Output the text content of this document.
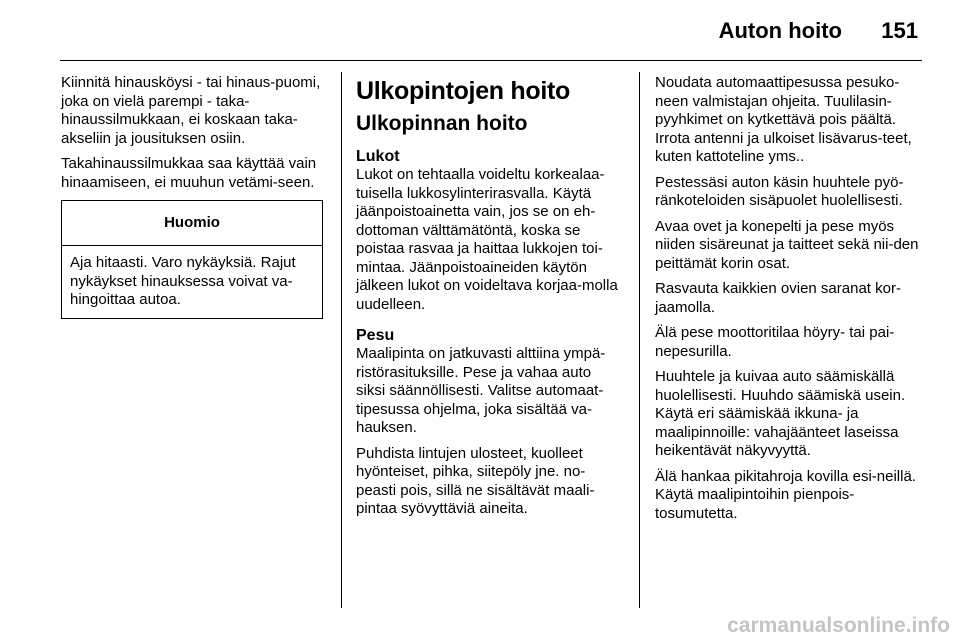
Auton hoito 151

Kiinnitä hinausköysi - tai hinaus-puomi, joka on vielä parempi - taka-hinaussilmukkaan, ei koskaan taka-akseliin ja jousituksen osiin.

Takahinaussilmukkaa saa käyttää vain hinaamiseen, ei muuhun vetämi-seen.

Huomio
Aja hitaasti. Varo nykäyksiä. Rajut nykäykset hinauksessa voivat va-hingoittaa autoa.
Ulkopintojen hoito
Ulkopinnan hoito
Lukot

Lukot on tehtaalla voideltu korkealaa-tuisella lukkosylinterirasvalla. Käytä jäänpoistoainetta vain, jos se on eh-dottoman välttämätöntä, koska se poistaa rasvaa ja haittaa lukkojen toi-mintaa. Jäänpoistoaineiden käytön jälkeen lukot on voideltava korjaa-molla uudelleen.

Pesu

Maalipinta on jatkuvasti alttiina ympä-ristörasituksille. Pese ja vahaa auto siksi säännöllisesti. Valitse automaat-tipesussa ohjelma, joka sisältää va-hauksen.

Puhdista lintujen ulosteet, kuolleet hyönteiset, pihka, siitepöly jne. no-peasti pois, sillä ne sisältävät maali-pintaa syövyttäviä aineita.

Noudata automaattipesussa pesuko-neen valmistajan ohjeita. Tuulilasin-pyyhkimet on kytkettävä pois päältä. Irrota antenni ja ulkoiset lisävarus-teet, kuten kattoteline yms..

Pestessäsi auton käsin huuhtele pyö-ränkoteloiden sisäpuolet huolellisesti.

Avaa ovet ja konepelti ja pese myös niiden sisäreunat ja taitteet sekä nii-den peittämät korin osat.

Rasvauta kaikkien ovien saranat kor-jaamolla.

Älä pese moottoritilaa höyry- tai pai-nepesurilla.

Huuhtele ja kuivaa auto säämiskällä huolellisesti. Huuhdo säämiskä usein. Käytä eri säämiskää ikkuna- ja maalipinnoille: vahajäänteet laseissa heikentävät näkyvyyttä.

Älä hankaa pikitahroja kovilla esi-neillä. Käytä maalipintoihin pienpois-tosumutetta.

carmanualsonline.info
